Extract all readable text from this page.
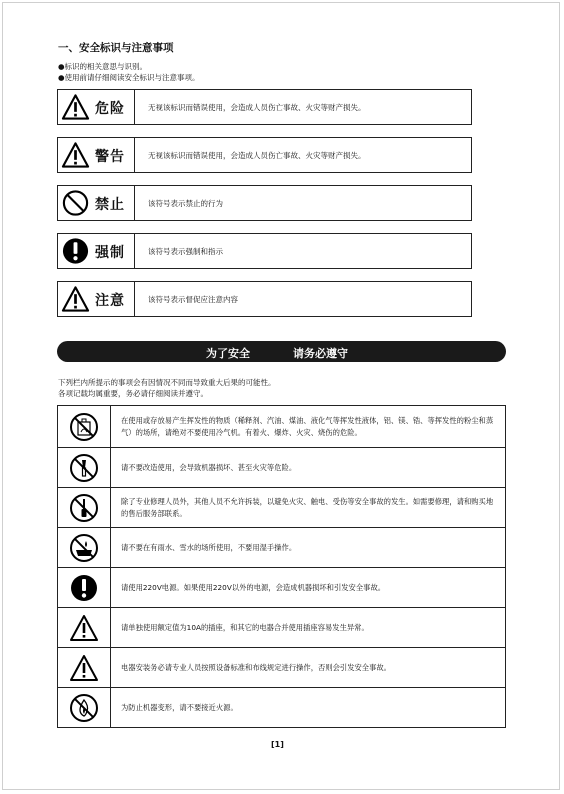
一、安全标识与注意事项
●标识的相关意思与识别。
●使用前请仔细阅读安全标识与注意事项。
危险	无视该标识而错误使用，会造成人员伤亡事故、火灾等财产损失。
警告	无视该标识而错误使用，会造成人员伤亡事故、火灾等财产损失。
禁止	该符号表示禁止的行为
强制	该符号表示强制和指示
注意	该符号表示督促应注意内容
为了安全	请务必遵守
下列栏内所提示的事项会有因情况不同而导致重大后果的可能性。
各项记载均属重要，务必请仔细阅读并遵守。
	在使用或存放易产生挥发性的物质（稀释剂、汽油、煤油、液化气等挥发性液体，铝、镁、锆、等挥发性的粉尘和蒸气）的场所，请绝对不要使用冷气机。有着火、爆炸、火灾、烧伤的危险。

	请不要改造使用，会导致机器损坏、甚至火灾等危险。

	除了专业修理人员外，其他人员不允许拆装，以避免火灾、触电、受伤等安全事故的发生。如需要修理，请和购买地的售后服务部联系。

	请不要在有雨水、雪水的场所使用，不要用湿手操作。

	请使用220V电源。如果使用220V以外的电源，会造成机器损坏和引发安全事故。

	请单独使用额定值为10A的插座，和其它的电器合并使用插座容易发生异常。

	电器安装务必请专业人员按照设备标准和布线规定进行操作，否则会引发安全事故。

	为防止机器变形，请不要接近火源。
[1]
